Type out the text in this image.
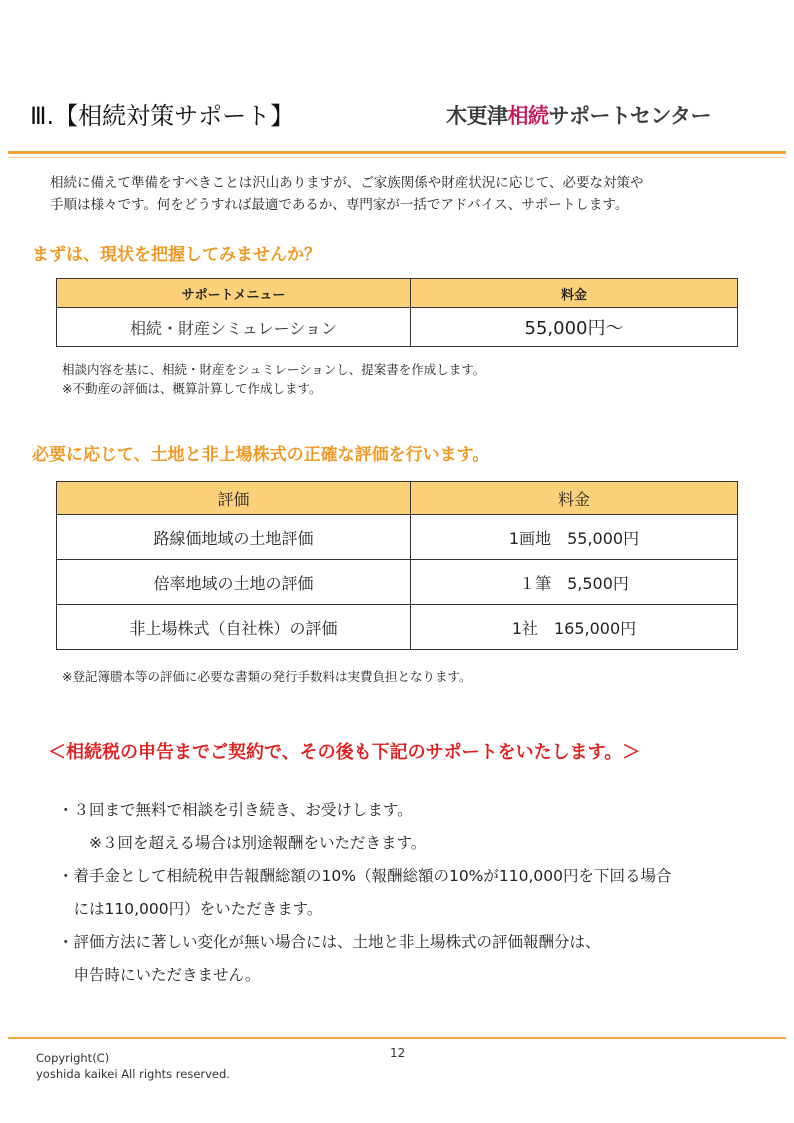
Ⅲ.【相続対策サポート】	木更津相続サポートセンター
相続に備えて準備をすべきことは沢山ありますが、ご家族関係や財産状況に応じて、必要な対策や
手順は様々です。何をどうすれば最適であるか、専門家が一括でアドバイス、サポートします。
まずは、現状を把握してみませんか？
サポートメニュー	料金
相続・財産シミュレーション	55,000円～
相談内容を基に、相続・財産をシュミレーションし、提案書を作成します。
※不動産の評価は、概算計算して作成します。
必要に応じて、土地と非上場株式の正確な評価を行います。
評価	料金
路線価地域の土地評価	1画地　55,000円
倍率地域の土地の評価	１筆　5,500円
非上場株式（自社株）の評価	1社　165,000円
※登記簿謄本等の評価に必要な書類の発行手数料は実費負担となります。
＜相続税の申告までご契約で、その後も下記のサポートをいたします。＞
・３回まで無料で相談を引き続き、お受けします。
　　※３回を超える場合は別途報酬をいただきます。
・着手金として相続税申告報酬総額の10%（報酬総額の10%が110,000円を下回る場合
　には110,000円）をいただきます。
・評価方法に著しい変化が無い場合には、土地と非上場株式の評価報酬分は、
　申告時にいただきません。
Copyright(C)
yoshida kaikei All rights reserved.
12
